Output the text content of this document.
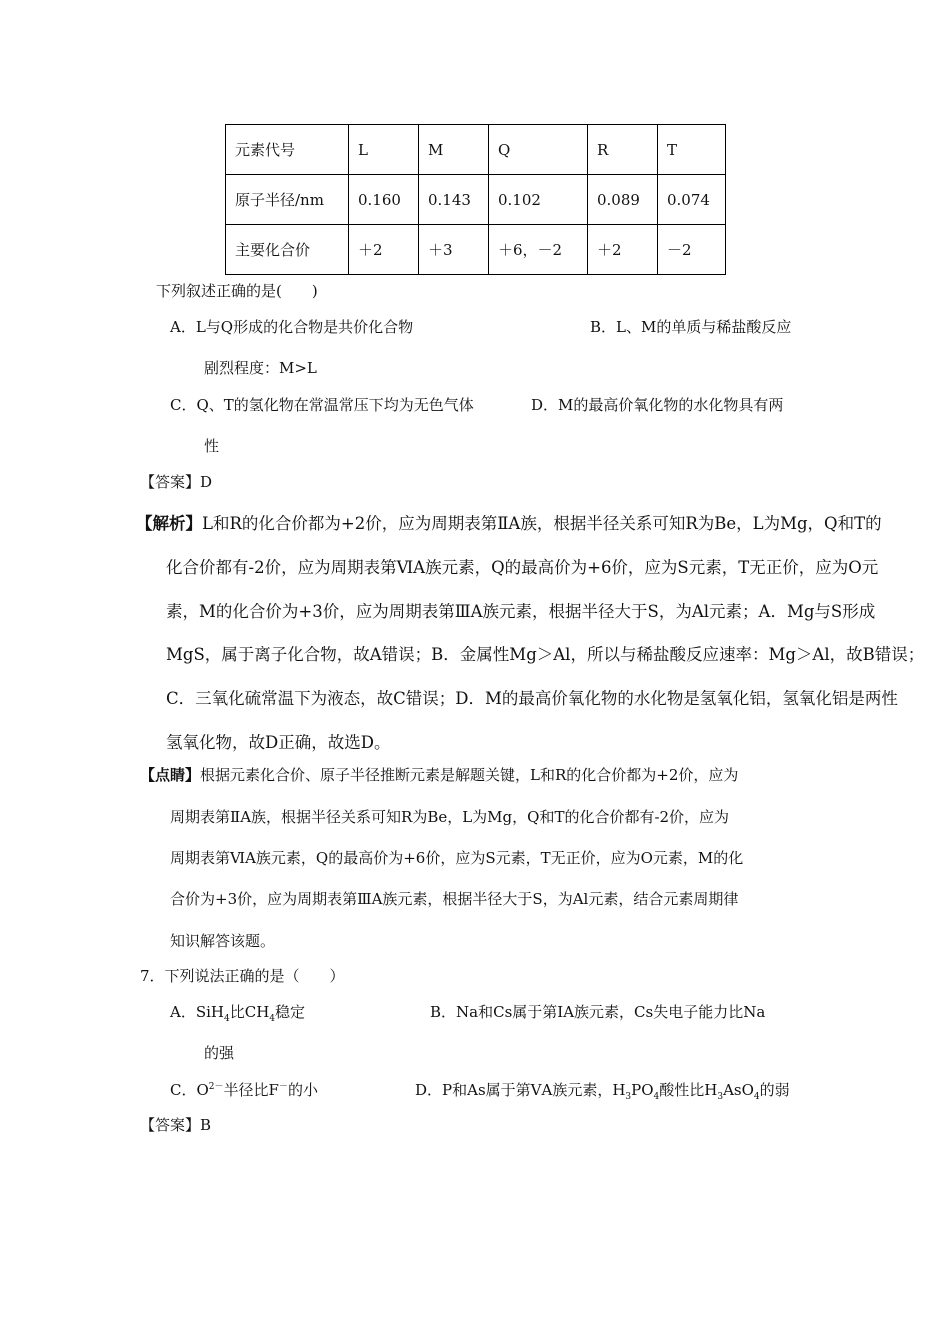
元素代号	L	M	Q	R	T
原子半径/nm	0.160	0.143	0.102	0.089	0.074
主要化合价	＋2	＋3	＋6，－2	＋2	－2
下列叙述正确的是(　　)
A．L与Q形成的化合物是共价化合物	B．L、M的单质与稀盐酸反应
剧烈程度：M>L
C．Q、T的氢化物在常温常压下均为无色气体	D．M的最高价氧化物的水化物具有两
性
【答案】D
【解析】L和R的化合价都为+2价，应为周期表第ⅡA族，根据半径关系可知R为Be，L为Mg，Q和T的
化合价都有-2价，应为周期表第ⅥA族元素，Q的最高价为+6价，应为S元素，T无正价，应为O元
素，M的化合价为+3价，应为周期表第ⅢA族元素，根据半径大于S，为Al元素；A．Mg与S形成
MgS，属于离子化合物，故A错误；B．金属性Mg＞Al，所以与稀盐酸反应速率：Mg＞Al，故B错误；
C．三氧化硫常温下为液态，故C错误；D．M的最高价氧化物的水化物是氢氧化铝，氢氧化铝是两性
氢氧化物，故D正确，故选D。
【点睛】根据元素化合价、原子半径推断元素是解题关键，L和R的化合价都为+2价，应为
周期表第ⅡA族，根据半径关系可知R为Be，L为Mg，Q和T的化合价都有-2价，应为
周期表第ⅥA族元素，Q的最高价为+6价，应为S元素，T无正价，应为O元素，M的化
合价为+3价，应为周期表第ⅢA族元素，根据半径大于S，为Al元素，结合元素周期律
知识解答该题。
7．下列说法正确的是（　　）
A．SiH$_4$比$CH_4$稳定	B．Na和Cs属于第ⅠA族元素，Cs失电子能力比Na
的强
C．$O^{2-}$半径比F－的小	D．P和As属于第ⅤA族元素，$H_3PO_4$酸性比$H_3AsO_4$的弱
【答案】B
